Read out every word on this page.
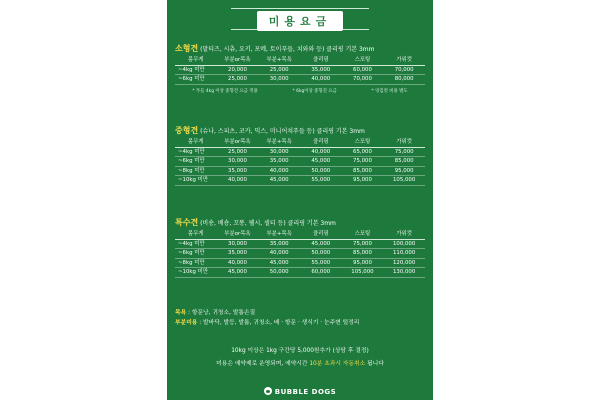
미용요금
소형견 (말티즈, 시츄, 요키, 포메, 토이푸들, 치와와 등) 클리핑 기본 3mm
몸무게	부분or목욕	부분+목욕	클리핑	스포팅	가위컷
~4kg 미만	20,000	25,000	35,000	60,000	70,000
~6kg 미만	25,000	30,000	40,000	70,000	80,000
* 푸들 4kg 이상 중형견 요금 적용	* 6kg이상 중형견 요금	* 엉킴컷 비용 별도
중형견 (슈나, 스피츠, 코카, 믹스, 미니어쳐푸들 등) 클리핑 기본 3mm
몸무게	부분or목욕	부분+목욕	클리핑	스포팅	가위컷
~4kg 미만	25,000	30,000	40,000	65,000	75,000
~6kg 미만	30,000	35,000	45,000	75,000	85,000
~8kg 미만	35,000	40,000	50,000	85,000	95,000
~10kg 미만	40,000	45,000	55,000	95,000	105,000
특수견 (비숑, 베숑, 꼬똥, 웰시, 셀티 등) 클리핑 기본 3mm
몸무게	부분or목욕	부분+목욕	클리핑	스포팅	가위컷
~4kg 미만	30,000	35,000	45,000	75,000	100,000
~6kg 미만	35,000	40,000	50,000	85,000	110,000
~8kg 미만	40,000	45,000	55,000	95,000	120,000
~10kg 미만	45,000	50,000	60,000	105,000	130,000
목욕 : 항문낭, 귀청소, 발톱손질
부분미용 : 발바닥, 발등, 발톱, 귀청소, 배 · 항문 · 생식기 · 눈주변 털정리
10kg 이상은 1kg 구간당 5,000원추가 (상담 후 결정)
미용은 예약제로 운영되며, 예약시간 10분 초과시 자동취소 됩니다
BUBBLE DOGS
